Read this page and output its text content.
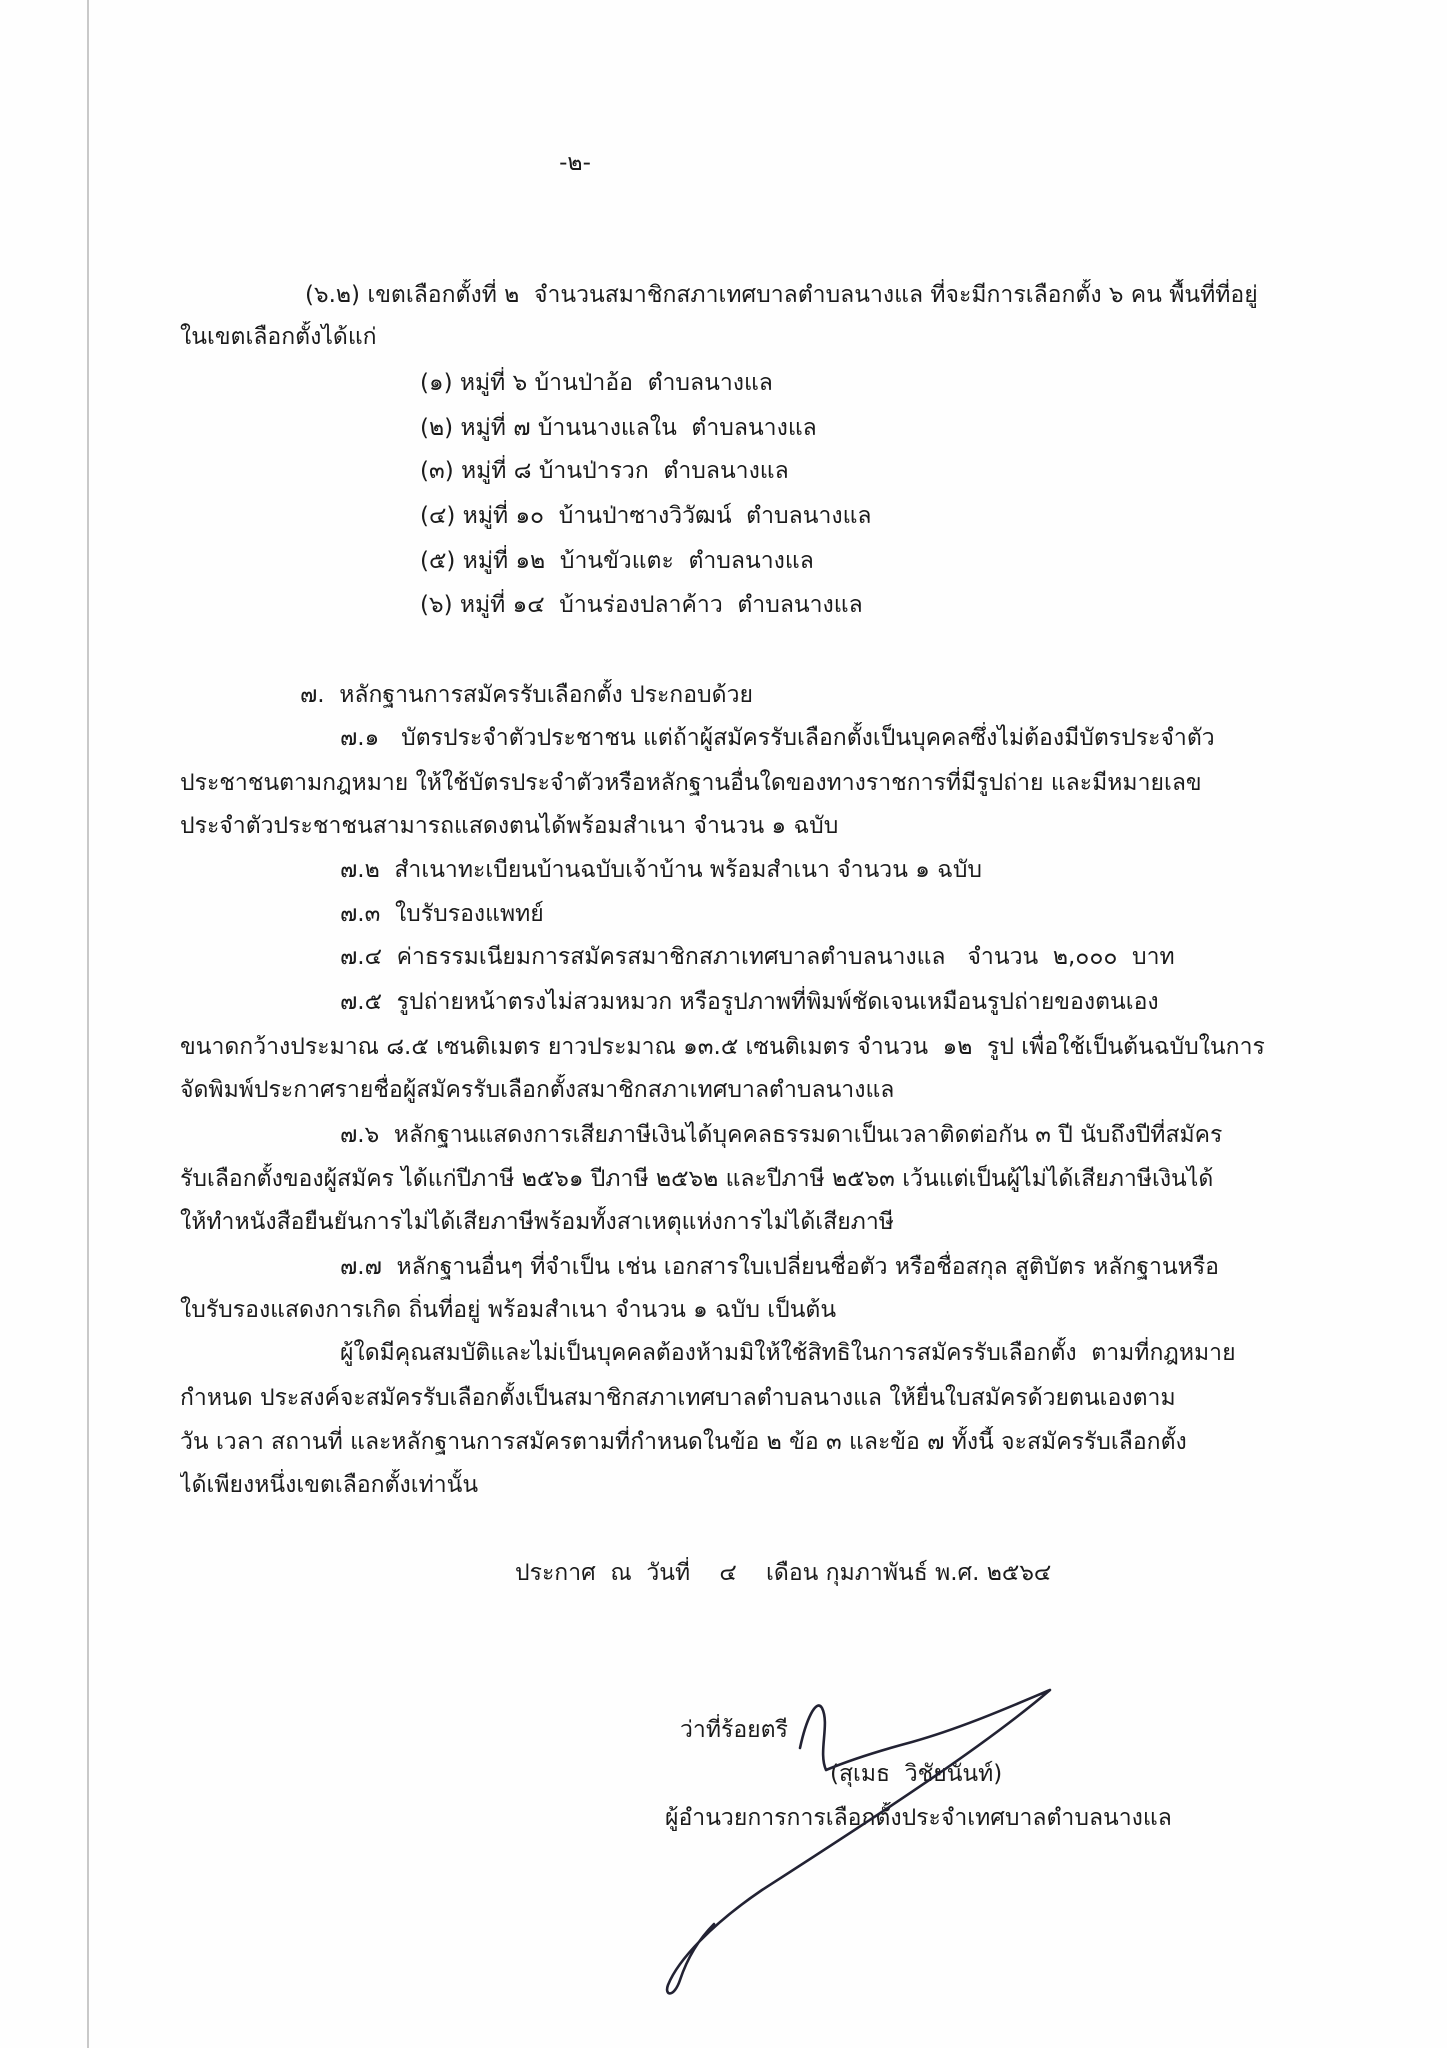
-๒-
(๖.๒) เขตเลือกตั้งที่ ๒  จำนวนสมาชิกสภาเทศบาลตำบลนางแล ที่จะมีการเลือกตั้ง ๖ คน พื้นที่ที่อยู่
ในเขตเลือกตั้งได้แก่
(๑) หมู่ที่ ๖ บ้านป่าอ้อ  ตำบลนางแล
(๒) หมู่ที่ ๗ บ้านนางแลใน  ตำบลนางแล
(๓) หมู่ที่ ๘ บ้านป่ารวก  ตำบลนางแล
(๔) หมู่ที่ ๑๐  บ้านป่าซางวิวัฒน์  ตำบลนางแล
(๕) หมู่ที่ ๑๒  บ้านขัวแตะ  ตำบลนางแล
(๖) หมู่ที่ ๑๔  บ้านร่องปลาค้าว  ตำบลนางแล
๗.  หลักฐานการสมัครรับเลือกตั้ง ประกอบด้วย
๗.๑   บัตรประจำตัวประชาชน แต่ถ้าผู้สมัครรับเลือกตั้งเป็นบุคคลซึ่งไม่ต้องมีบัตรประจำตัว
ประชาชนตามกฎหมาย ให้ใช้บัตรประจำตัวหรือหลักฐานอื่นใดของทางราชการที่มีรูปถ่าย และมีหมายเลข
ประจำตัวประชาชนสามารถแสดงตนได้พร้อมสำเนา จำนวน ๑ ฉบับ
๗.๒  สำเนาทะเบียนบ้านฉบับเจ้าบ้าน พร้อมสำเนา จำนวน ๑ ฉบับ
๗.๓  ใบรับรองแพทย์
๗.๔  ค่าธรรมเนียมการสมัครสมาชิกสภาเทศบาลตำบลนางแล   จำนวน  ๒,๐๐๐  บาท
๗.๕  รูปถ่ายหน้าตรงไม่สวมหมวก หรือรูปภาพที่พิมพ์ชัดเจนเหมือนรูปถ่ายของตนเอง
ขนาดกว้างประมาณ ๘.๕ เซนติเมตร ยาวประมาณ ๑๓.๕ เซนติเมตร จำนวน  ๑๒  รูป เพื่อใช้เป็นต้นฉบับในการ
จัดพิมพ์ประกาศรายชื่อผู้สมัครรับเลือกตั้งสมาชิกสภาเทศบาลตำบลนางแล
๗.๖  หลักฐานแสดงการเสียภาษีเงินได้บุคคลธรรมดาเป็นเวลาติดต่อกัน ๓ ปี นับถึงปีที่สมัคร
รับเลือกตั้งของผู้สมัคร ได้แก่ปีภาษี ๒๕๖๑ ปีภาษี ๒๕๖๒ และปีภาษี ๒๕๖๓ เว้นแต่เป็นผู้ไม่ได้เสียภาษีเงินได้
ให้ทำหนังสือยืนยันการไม่ได้เสียภาษีพร้อมทั้งสาเหตุแห่งการไม่ได้เสียภาษี
๗.๗  หลักฐานอื่นๆ ที่จำเป็น เช่น เอกสารใบเปลี่ยนชื่อตัว หรือชื่อสกุล สูติบัตร หลักฐานหรือ
ใบรับรองแสดงการเกิด ถิ่นที่อยู่ พร้อมสำเนา จำนวน ๑ ฉบับ เป็นต้น
ผู้ใดมีคุณสมบัติและไม่เป็นบุคคลต้องห้ามมิให้ใช้สิทธิในการสมัครรับเลือกตั้ง  ตามที่กฎหมาย
กำหนด ประสงค์จะสมัครรับเลือกตั้งเป็นสมาชิกสภาเทศบาลตำบลนางแล ให้ยื่นใบสมัครด้วยตนเองตาม
วัน เวลา สถานที่ และหลักฐานการสมัครตามที่กำหนดในข้อ ๒ ข้อ ๓ และข้อ ๗ ทั้งนี้ จะสมัครรับเลือกตั้ง
ได้เพียงหนึ่งเขตเลือกตั้งเท่านั้น
ประกาศ  ณ  วันที่    ๔    เดือน กุมภาพันธ์ พ.ศ. ๒๕๖๔
ว่าที่ร้อยตรี
(สุเมธ  วิชัยนันท์)
ผู้อำนวยการการเลือกตั้งประจำเทศบาลตำบลนางแล
